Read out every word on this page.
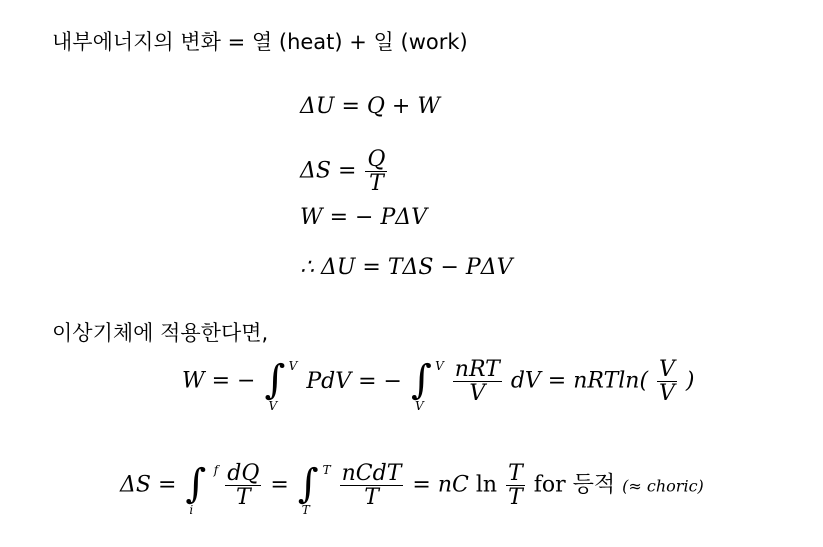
내부에너지의 변화 = 열 (heat) + 일 (work)
ΔU = Q + W
$\Delta S = \frac{Q}{T}$
W = − PΔV
∴ ΔU = TΔS − PΔV
이상기체에 적용한다면,
W = − ∫ V
V
PdV = − ∫ V
V

$\frac{\text{nRT}}{V}$ dV = $nRTln( \frac{V}{V}$ )
ΔS = ∫ f
i

$\frac{dQ}{T}$ = ∫ T
T

$\frac{\text{nCdT}}{T}$ = nC $\ln \frac{T}{T}$ for 등적 (≈ choric)
